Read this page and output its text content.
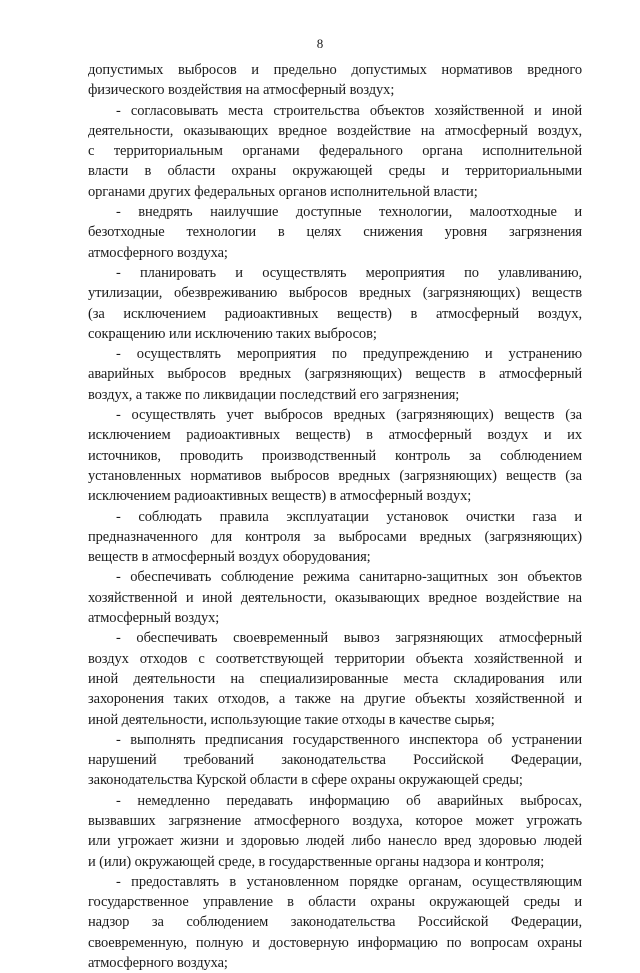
8
допустимых выбросов и предельно допустимых нормативов вредного
физического воздействия на атмосферный воздух;
- согласовывать места строительства объектов хозяйственной и иной
деятельности, оказывающих вредное воздействие на атмосферный воздух,
с территориальным органами федерального органа исполнительной
власти в области охраны окружающей среды и территориальными
органами других федеральных органов исполнительной власти;
- внедрять наилучшие доступные технологии, малоотходные и
безотходные технологии в целях снижения уровня загрязнения
атмосферного воздуха;
- планировать и осуществлять мероприятия по улавливанию,
утилизации, обезвреживанию выбросов вредных (загрязняющих) веществ
(за исключением радиоактивных веществ) в атмосферный воздух,
сокращению или исключению таких выбросов;
- осуществлять мероприятия по предупреждению и устранению
аварийных выбросов вредных (загрязняющих) веществ в атмосферный
воздух, а также по ликвидации последствий его загрязнения;
- осуществлять учет выбросов вредных (загрязняющих) веществ (за
исключением радиоактивных веществ) в атмосферный воздух и их
источников, проводить производственный контроль за соблюдением
установленных нормативов выбросов вредных (загрязняющих) веществ (за
исключением радиоактивных веществ) в атмосферный воздух;
- соблюдать правила эксплуатации установок очистки газа и
предназначенного для контроля за выбросами вредных (загрязняющих)
веществ в атмосферный воздух оборудования;
- обеспечивать соблюдение режима санитарно-защитных зон объектов
хозяйственной и иной деятельности, оказывающих вредное воздействие на
атмосферный воздух;
- обеспечивать своевременный вывоз загрязняющих атмосферный
воздух отходов с соответствующей территории объекта хозяйственной и
иной деятельности на специализированные места складирования или
захоронения таких отходов, а также на другие объекты хозяйственной и
иной деятельности, использующие такие отходы в качестве сырья;
- выполнять предписания государственного инспектора об устранении
нарушений требований законодательства Российской Федерации,
законодательства Курской области в сфере охраны окружающей среды;
- немедленно передавать информацию об аварийных выбросах,
вызвавших загрязнение атмосферного воздуха, которое может угрожать
или угрожает жизни и здоровью людей либо нанесло вред здоровью людей
и (или) окружающей среде, в государственные органы надзора и контроля;
- предоставлять в установленном порядке органам, осуществляющим
государственное управление в области охраны окружающей среды и
надзор за соблюдением законодательства Российской Федерации,
своевременную, полную и достоверную информацию по вопросам охраны
атмосферного воздуха;
